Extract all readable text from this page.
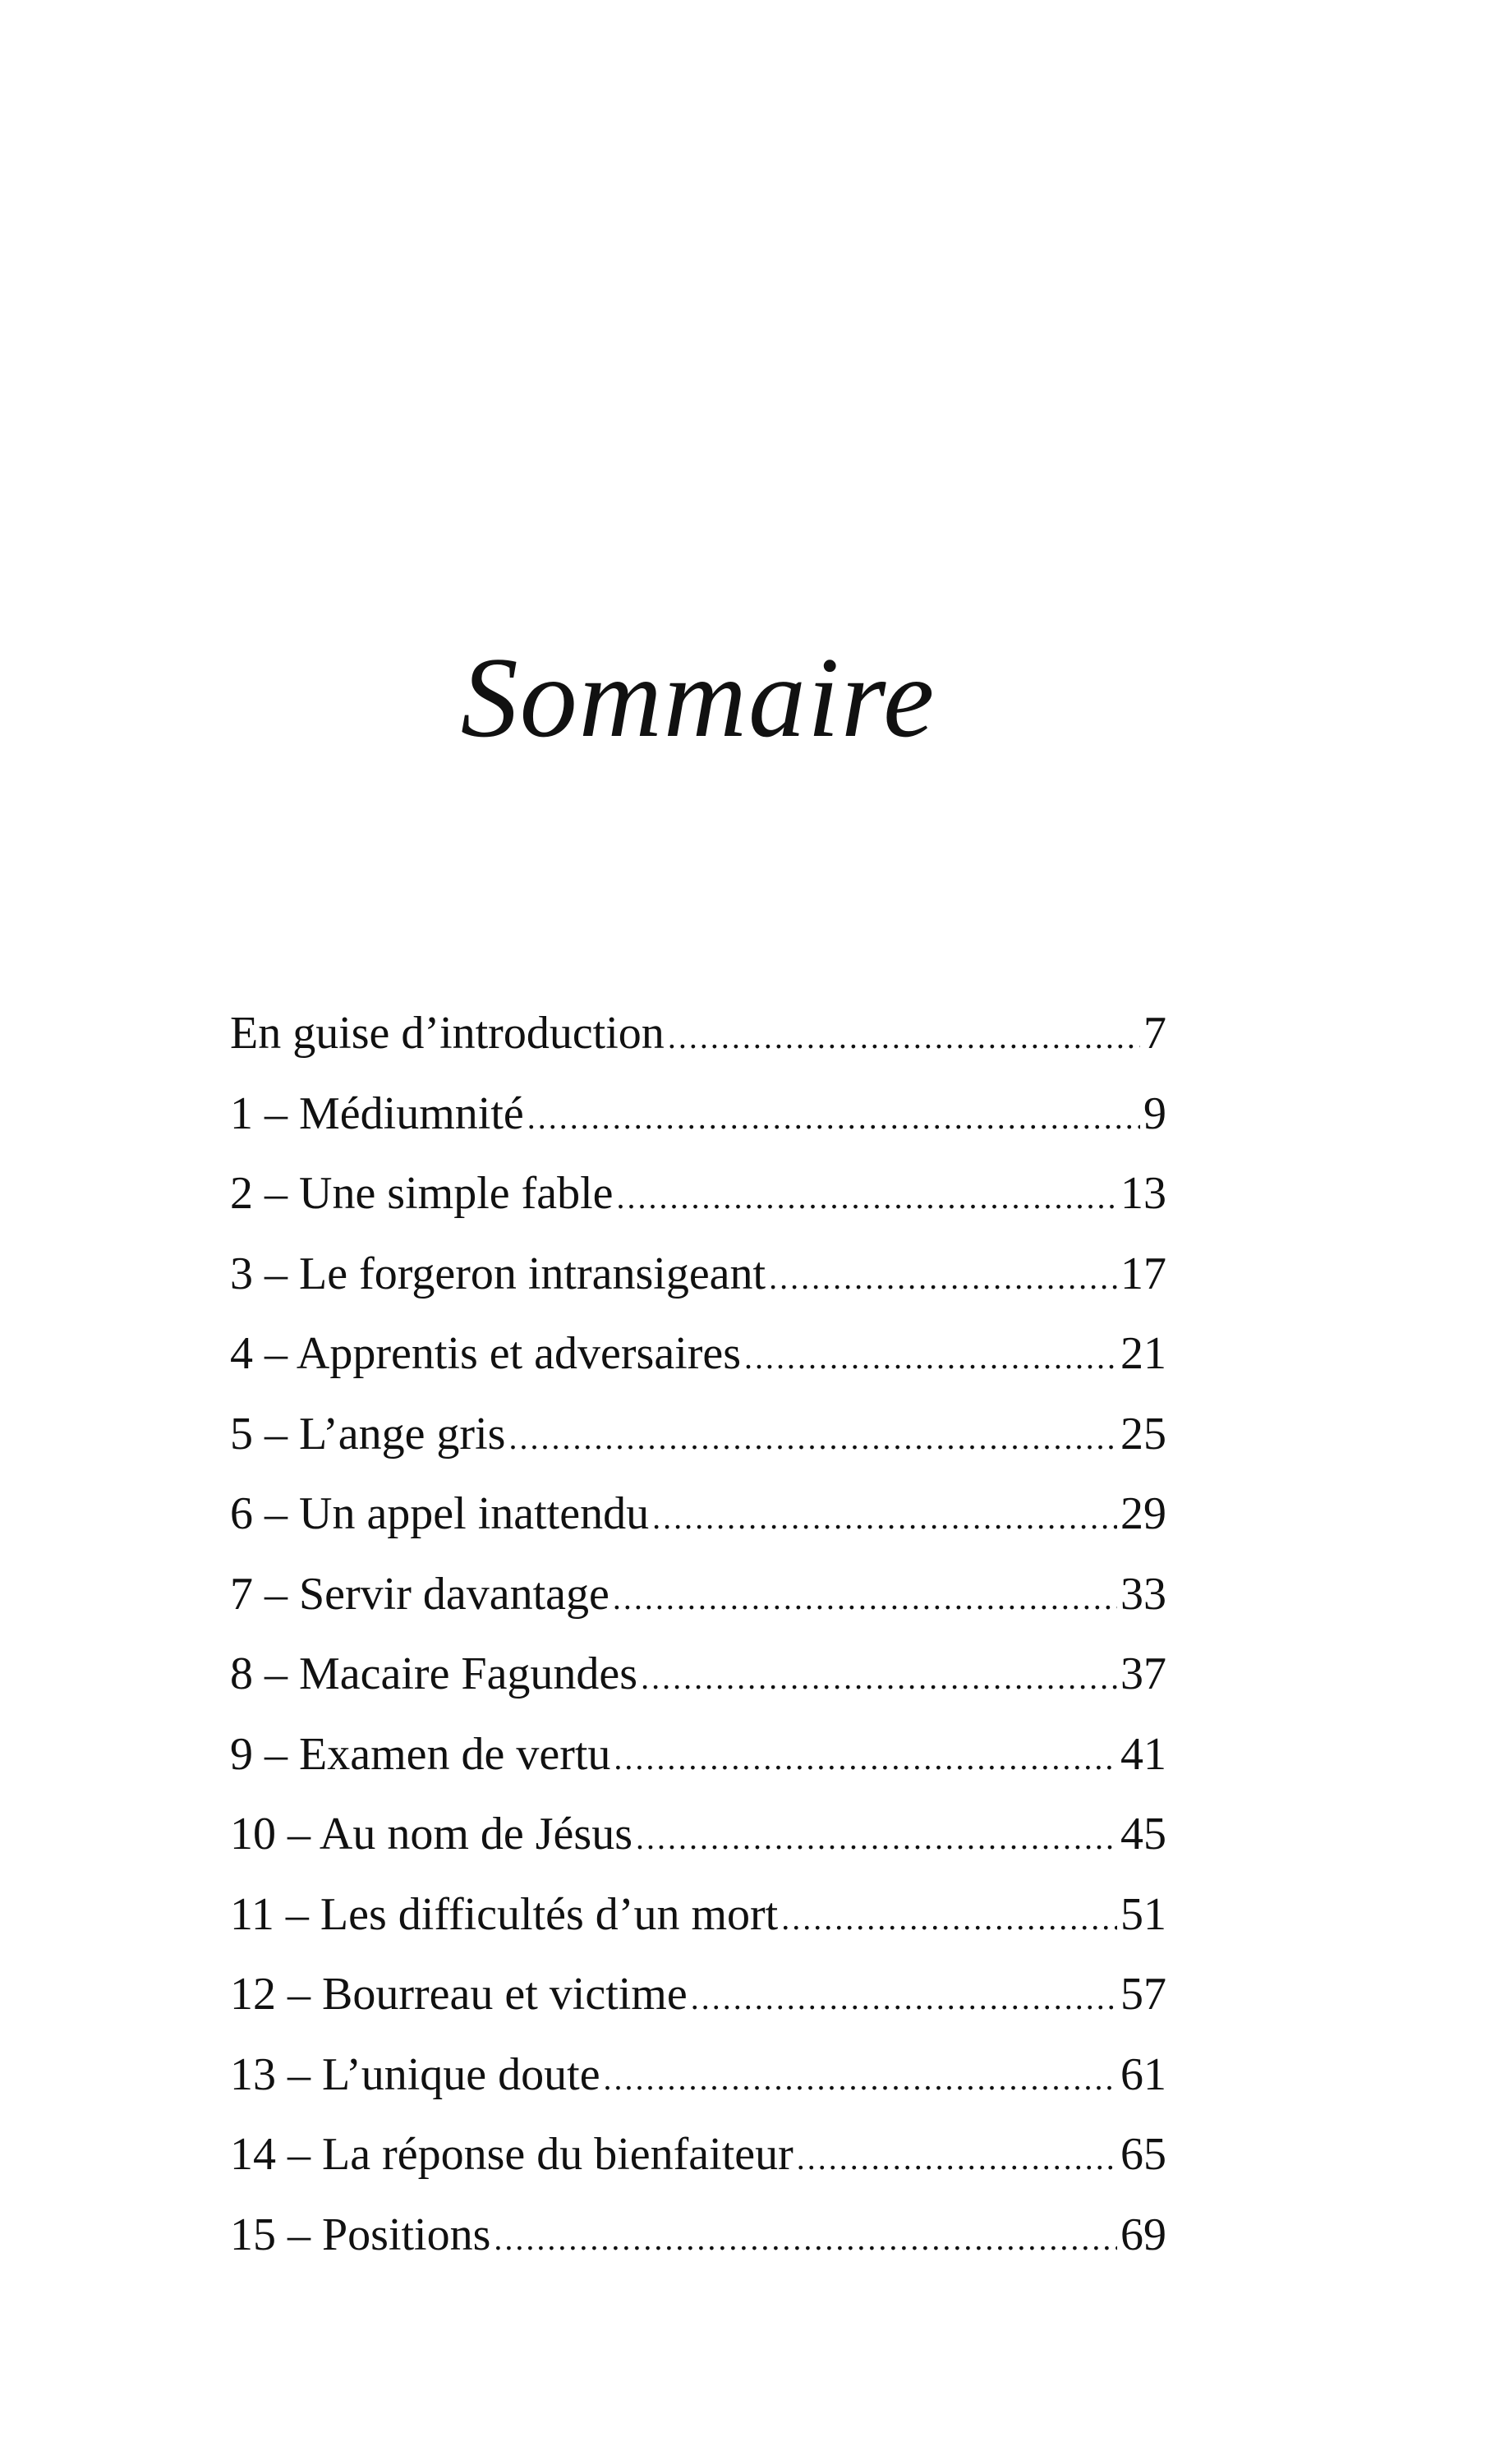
Sommaire
En guise d’introduction .....	7
1 – Médiumnité .....	9
2 – Une simple fable .....	13
3 – Le forgeron intransigeant .....	17
4 – Apprentis et adversaires .....	21
5 – L’ange gris .....	25
6 – Un appel inattendu .....	29
7 – Servir davantage .....	33
8 – Macaire Fagundes .....	37
9 – Examen de vertu .....	41
10 – Au nom de Jésus .....	45
11 – Les difficultés d’un mort .....	51
12 – Bourreau et victime .....	57
13 – L’unique doute .....	61
14 – La réponse du bienfaiteur .....	65
15 – Positions .....	69
